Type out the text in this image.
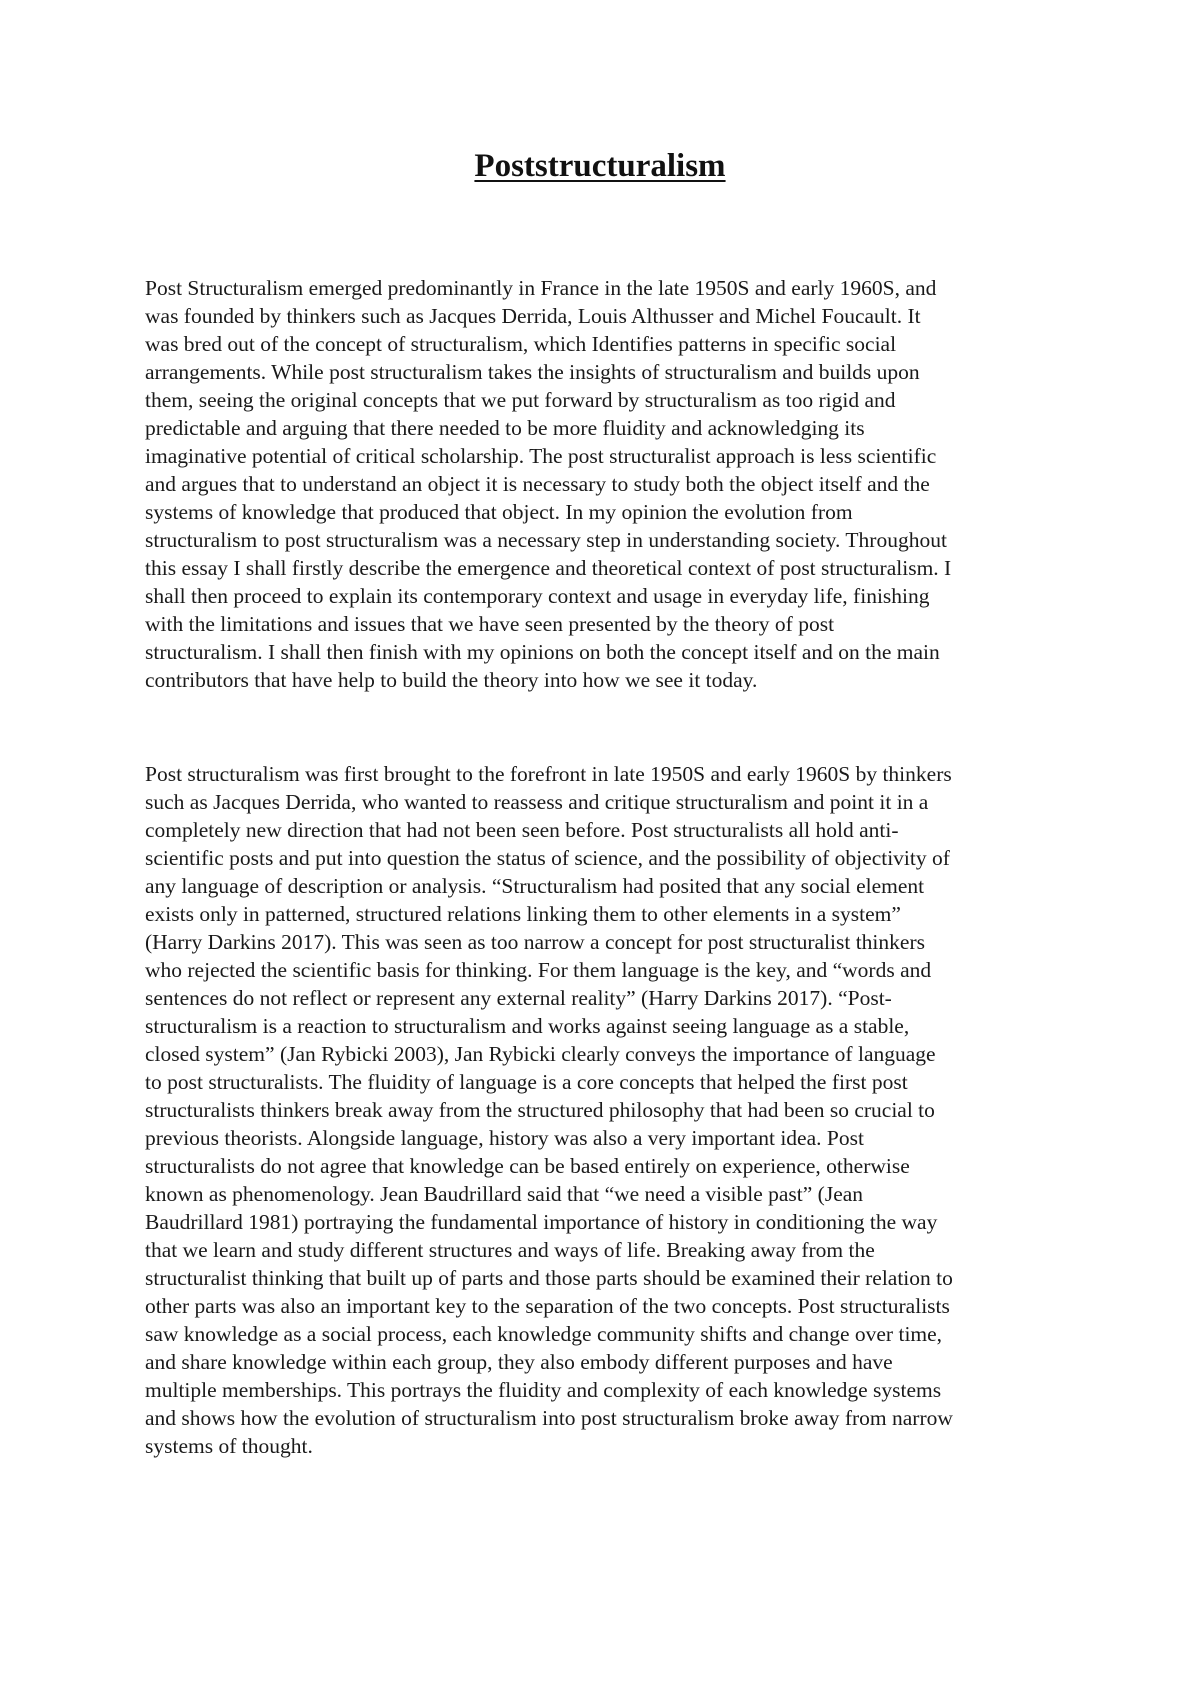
Poststructuralism
Post Structuralism emerged predominantly in France in the late 1950S and early 1960S, and
was founded by thinkers such as Jacques Derrida, Louis Althusser and Michel Foucault. It
was bred out of the concept of structuralism, which Identifies patterns in specific social
arrangements. While post structuralism takes the insights of structuralism and builds upon
them, seeing the original concepts that we put forward by structuralism as too rigid and
predictable and arguing that there needed to be more fluidity and acknowledging its
imaginative potential of critical scholarship. The post structuralist approach is less scientific
and argues that to understand an object it is necessary to study both the object itself and the
systems of knowledge that produced that object. In my opinion the evolution from
structuralism to post structuralism was a necessary step in understanding society. Throughout
this essay I shall firstly describe the emergence and theoretical context of post structuralism. I
shall then proceed to explain its contemporary context and usage in everyday life, finishing
with the limitations and issues that we have seen presented by the theory of post
structuralism. I shall then finish with my opinions on both the concept itself and on the main
contributors that have help to build the theory into how we see it today.
Post structuralism was first brought to the forefront in late 1950S and early 1960S by thinkers
such as Jacques Derrida, who wanted to reassess and critique structuralism and point it in a
completely new direction that had not been seen before. Post structuralists all hold anti-
scientific posts and put into question the status of science, and the possibility of objectivity of
any language of description or analysis. “Structuralism had posited that any social element
exists only in patterned, structured relations linking them to other elements in a system”
(Harry Darkins 2017). This was seen as too narrow a concept for post structuralist thinkers
who rejected the scientific basis for thinking. For them language is the key, and “words and
sentences do not reflect or represent any external reality” (Harry Darkins 2017). “Post-
structuralism is a reaction to structuralism and works against seeing language as a stable,
closed system” (Jan Rybicki 2003), Jan Rybicki clearly conveys the importance of language
to post structuralists. The fluidity of language is a core concepts that helped the first post
structuralists thinkers break away from the structured philosophy that had been so crucial to
previous theorists. Alongside language, history was also a very important idea. Post
structuralists do not agree that knowledge can be based entirely on experience, otherwise
known as phenomenology. Jean Baudrillard said that “we need a visible past” (Jean
Baudrillard 1981) portraying the fundamental importance of history in conditioning the way
that we learn and study different structures and ways of life. Breaking away from the
structuralist thinking that built up of parts and those parts should be examined their relation to
other parts was also an important key to the separation of the two concepts. Post structuralists
saw knowledge as a social process, each knowledge community shifts and change over time,
and share knowledge within each group, they also embody different purposes and have
multiple memberships. This portrays the fluidity and complexity of each knowledge systems
and shows how the evolution of structuralism into post structuralism broke away from narrow
systems of thought.
